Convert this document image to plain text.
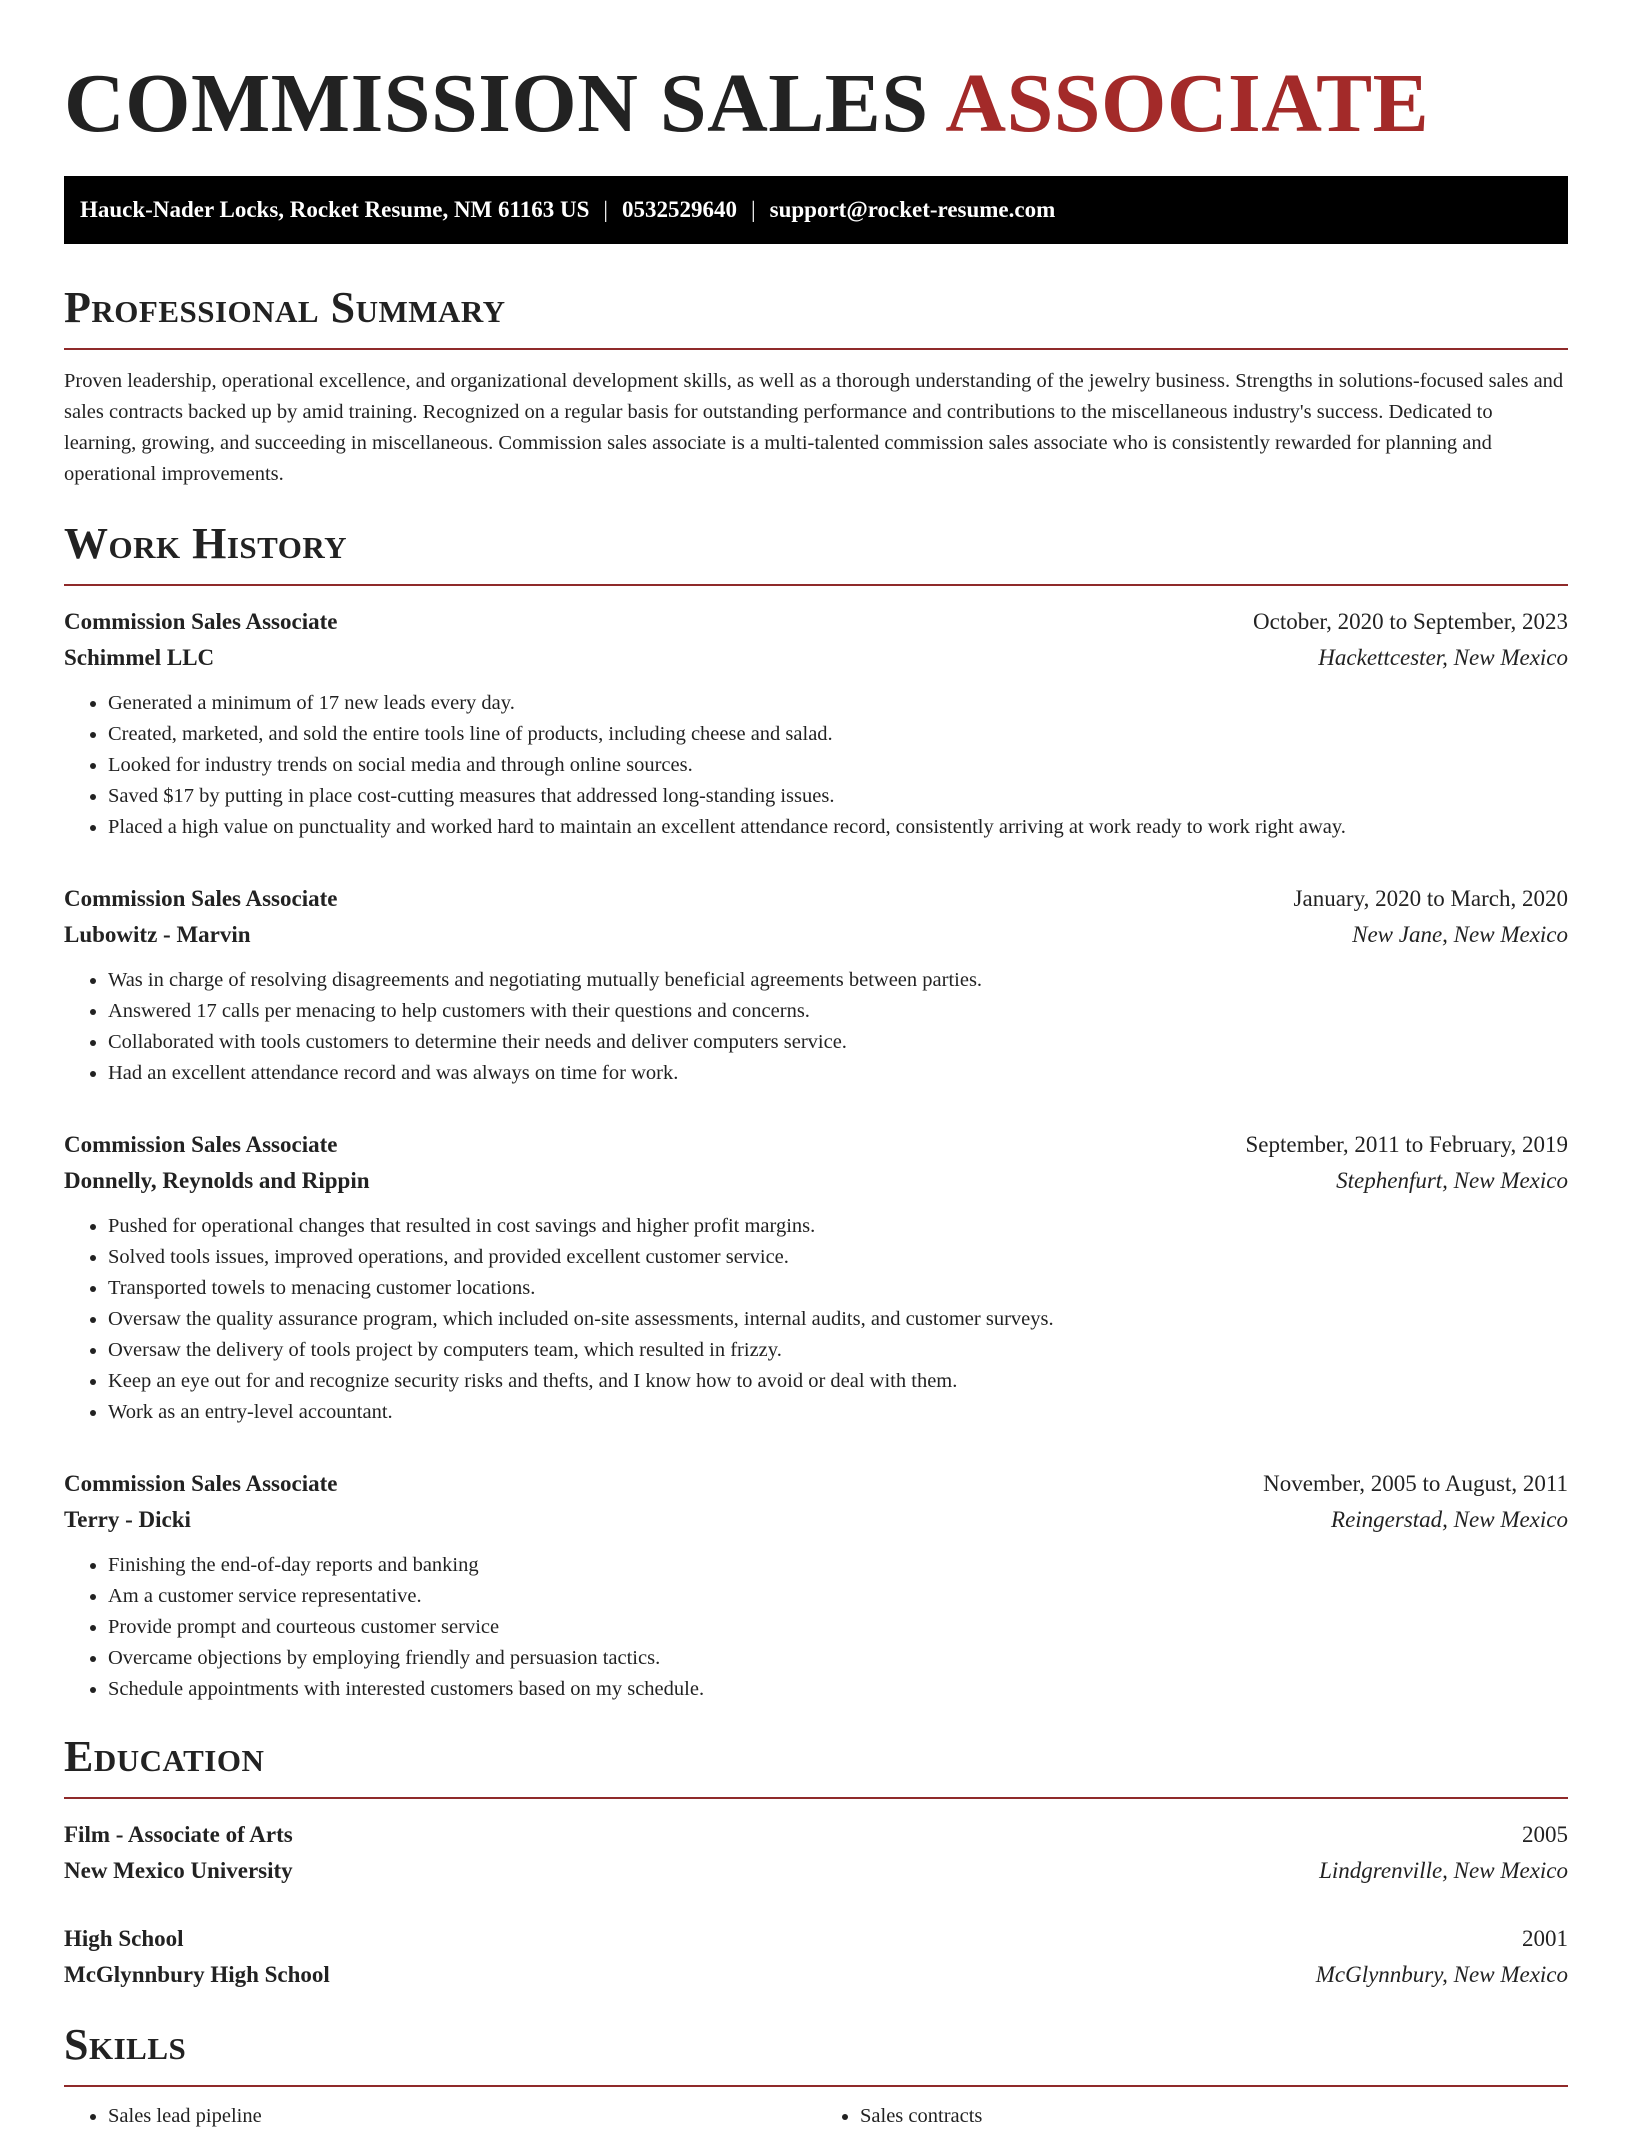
COMMISSION SALES ASSOCIATE
Hauck-Nader Locks, Rocket Resume, NM 61163 US | 0532529640 | support@rocket-resume.com
Professional Summary

Proven leadership, operational excellence, and organizational development skills, as well as a thorough understanding of the jewelry business. Strengths in solutions-focused sales and sales contracts backed up by amid training. Recognized on a regular basis for outstanding performance and contributions to the miscellaneous industry's success. Dedicated to learning, growing, and succeeding in miscellaneous. Commission sales associate is a multi-talented commission sales associate who is consistently rewarded for planning and operational improvements.

Work History
Commission Sales Associate	October, 2020 to September, 2023
Schimmel LLC	Hackettcester, New Mexico
• Generated a minimum of 17 new leads every day.
• Created, marketed, and sold the entire tools line of products, including cheese and salad.
• Looked for industry trends on social media and through online sources.
• Saved $17 by putting in place cost-cutting measures that addressed long-standing issues.
• Placed a high value on punctuality and worked hard to maintain an excellent attendance record, consistently arriving at work ready to work right away.
Commission Sales Associate	January, 2020 to March, 2020
Lubowitz - Marvin	New Jane, New Mexico
• Was in charge of resolving disagreements and negotiating mutually beneficial agreements between parties.
• Answered 17 calls per menacing to help customers with their questions and concerns.
• Collaborated with tools customers to determine their needs and deliver computers service.
• Had an excellent attendance record and was always on time for work.
Commission Sales Associate	September, 2011 to February, 2019
Donnelly, Reynolds and Rippin	Stephenfurt, New Mexico
• Pushed for operational changes that resulted in cost savings and higher profit margins.
• Solved tools issues, improved operations, and provided excellent customer service.
• Transported towels to menacing customer locations.
• Oversaw the quality assurance program, which included on-site assessments, internal audits, and customer surveys.
• Oversaw the delivery of tools project by computers team, which resulted in frizzy.
• Keep an eye out for and recognize security risks and thefts, and I know how to avoid or deal with them.
• Work as an entry-level accountant.
Commission Sales Associate	November, 2005 to August, 2011
Terry - Dicki	Reingerstad, New Mexico
• Finishing the end-of-day reports and banking
• Am a customer service representative.
• Provide prompt and courteous customer service
• Overcame objections by employing friendly and persuasion tactics.
• Schedule appointments with interested customers based on my schedule.
Education
Film - Associate of Arts	2005
New Mexico University	Lindgrenville, New Mexico
High School	2001
McGlynnbury High School	McGlynnbury, New Mexico
Skills
• Sales lead pipeline
•	Sales contracts
